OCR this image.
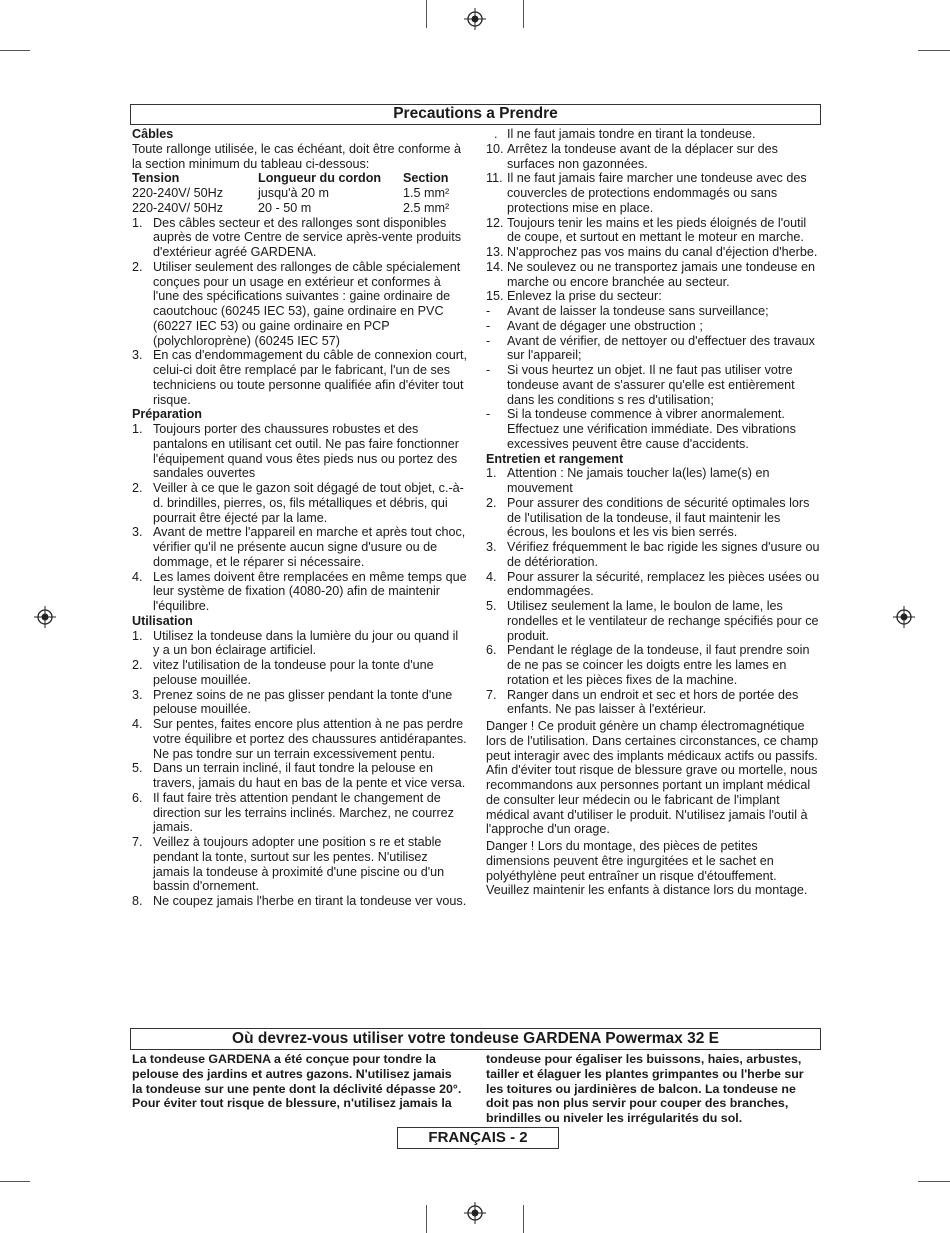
Precautions a Prendre

Câbles

Toute rallonge utilisée, le cas échéant, doit être conforme à la section minimum du tableau ci-dessous:

Tension	Longueur du cordon	Section
220-240V/ 50Hz	jusqu'à 20 m	1.5 mm²
220-240V/ 50Hz	20 - 50 m	2.5 mm²
1. Des câbles secteur et des rallonges sont disponibles auprès de votre Centre de service après-vente produits d'extérieur agréé GARDENA.
2. Utiliser seulement des rallonges de câble spécialement conçues pour un usage en extérieur et conformes à l'une des spécifications suivantes : gaine ordinaire de caoutchouc (60245 IEC 53), gaine ordinaire en PVC (60227 IEC 53) ou gaine ordinaire en PCP (polychloroprène) (60245 IEC 57)
3. En cas d'endommagement du câble de connexion court, celui-ci doit être remplacé par le fabricant, l'un de ses techniciens ou toute personne qualifiée afin d'éviter tout risque.

Préparation

1. Toujours porter des chaussures robustes et des pantalons en utilisant cet outil. Ne pas faire fonctionner l'équipement quand vous êtes pieds nus ou portez des sandales ouvertes
2. Veiller à ce que le gazon soit dégagé de tout objet, c.-à-d. brindilles, pierres, os, fils métalliques et débris, qui pourrait être éjecté par la lame.
3. Avant de mettre l'appareil en marche et après tout choc, vérifier qu'il ne présente aucun signe d'usure ou de dommage, et le réparer si nécessaire.
4. Les lames doivent être remplacées en même temps que leur système de fixation (4080-20) afin de maintenir l'équilibre.

Utilisation

1. Utilisez la tondeuse dans la lumière du jour ou quand il y a un bon éclairage artificiel.
2. vitez l'utilisation de la tondeuse pour la tonte d'une pelouse mouillée.
3. Prenez soins de ne pas glisser pendant la tonte d'une pelouse mouillée.
4. Sur pentes, faites encore plus attention à ne pas perdre votre équilibre et portez des chaussures antidérapantes. Ne pas tondre sur un terrain excessivement pentu.
5. Dans un terrain incliné, il faut tondre la pelouse en travers, jamais du haut en bas de la pente et vice versa.
6. Il faut faire très attention pendant le changement de direction sur les terrains inclinés. Marchez, ne courrez jamais.
7. Veillez à toujours adopter une position s re et stable pendant la tonte, surtout sur les pentes. N'utilisez jamais la tondeuse à proximité d'une piscine ou d'un bassin d'ornement.
8. Ne coupez jamais l'herbe en tirant la tondeuse ver vous.
. Il ne faut jamais tondre en tirant la tondeuse.
10. Arrêtez la tondeuse avant de la déplacer sur des surfaces non gazonnées.
11. Il ne faut jamais faire marcher une tondeuse avec des couvercles de protections endommagés ou sans protections mise en place.
12. Toujours tenir les mains et les pieds éloignés de l'outil de coupe, et surtout en mettant le moteur en marche.
13. N'approchez pas vos mains du canal d'éjection d'herbe.
14. Ne soulevez ou ne transportez jamais une tondeuse en marche ou encore branchée au secteur.
15. Enlevez la prise du secteur:
- Avant de laisser la tondeuse sans surveillance;
- Avant de dégager une obstruction ;
- Avant de vérifier, de nettoyer ou d'effectuer des travaux sur l'appareil;
- Si vous heurtez un objet. Il ne faut pas utiliser votre tondeuse avant de s'assurer qu'elle est entièrement dans les conditions s res d'utilisation;
- Si la tondeuse commence à vibrer anormalement. Effectuez une vérification immédiate. Des vibrations excessives peuvent être cause d'accidents.

Entretien et rangement

1. Attention : Ne jamais toucher la(les) lame(s) en mouvement
2. Pour assurer des conditions de sécurité optimales lors de l'utilisation de la tondeuse, il faut maintenir les écrous, les boulons et les vis bien serrés.
3. Vérifiez fréquemment le bac rigide les signes d'usure ou de détérioration.
4. Pour assurer la sécurité, remplacez les pièces usées ou endommagées.
5. Utilisez seulement la lame, le boulon de lame, les rondelles et le ventilateur de rechange spécifiés pour ce produit.
6. Pendant le réglage de la tondeuse, il faut prendre soin de ne pas se coincer les doigts entre les lames en rotation et les pièces fixes de la machine.
7. Ranger dans un endroit et sec et hors de portée des enfants. Ne pas laisser à l'extérieur.

Danger ! Ce produit génère un champ électromagnétique lors de l'utilisation. Dans certaines circonstances, ce champ peut interagir avec des implants médicaux actifs ou passifs. Afin d'éviter tout risque de blessure grave ou mortelle, nous recommandons aux personnes portant un implant médical de consulter leur médecin ou le fabricant de l'implant médical avant d'utiliser le produit. N'utilisez jamais l'outil à l'approche d'un orage.

Danger ! Lors du montage, des pièces de petites dimensions peuvent être ingurgitées et le sachet en polyéthylène peut entraîner un risque d'étouffement. Veuillez maintenir les enfants à distance lors du montage.

Où devrez-vous utiliser votre tondeuse GARDENA Powermax 32 E
La tondeuse GARDENA a été conçue pour tondre la pelouse des jardins et autres gazons. N'utilisez jamais la tondeuse sur une pente dont la déclivité dépasse 20°. Pour éviter tout risque de blessure, n'utilisez jamais la
tondeuse pour égaliser les buissons, haies, arbustes, tailler et élaguer les plantes grimpantes ou l'herbe sur les toitures ou jardinières de balcon. La tondeuse ne doit pas non plus servir pour couper des branches, brindilles ou niveler les irrégularités du sol.
FRANÇAIS - 2
